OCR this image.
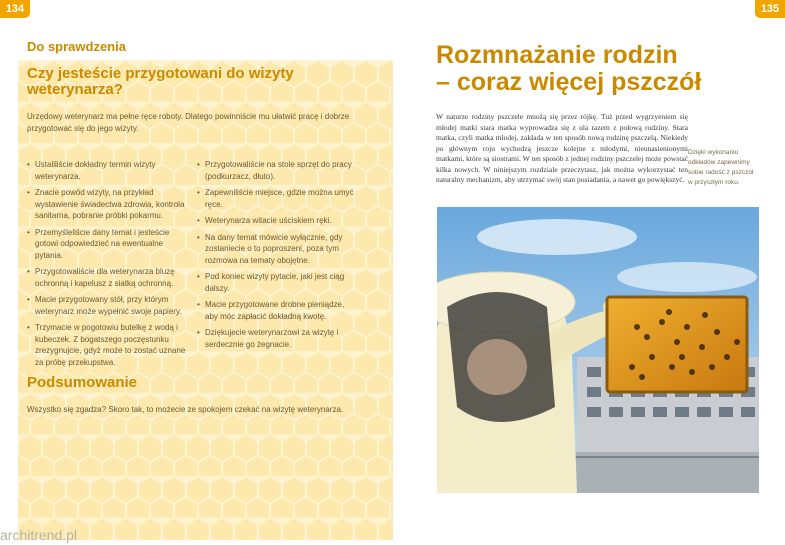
134
Do sprawdzenia
Czy jesteście przygotowani do wizyty weterynarza?

Urzędowy weterynarz ma pełne ręce roboty. Dlatego powinniście mu ułatwić pracę i dobrze przygotować się do jego wizyty.

• Ustaliliście dokładny termin wizyty weterynarza.
• Znacie powód wizyty, na przykład wystawienie świadectwa zdrowia, kontrola sanitarna, pobranie próbki pokarmu.
• Przemyśleliście dany temat i jesteście gotowi odpowiedzieć na ewentualne pytania.
• Przygotowaliście dla weterynarza bluzę ochronną i kapelusz z siatką ochronną.
• Macie przygotowany stół, przy którym weterynarz może wypełnić swoje papiery.
• Trzymacie w pogotowiu butelkę z wodą i kubeczek. Z bogatszego poczęstunku zrezygnujcie, gdyż może to zostać uznane za próbę przekupstwa.
• Przygotowaliście na stole sprzęt do pracy (podkurzacz, dłuto).
• Zapewniliście miejsce, gdzie można umyć ręce.
• Weterynarza witacie uściskiem ręki.
• Na dany temat mówicie wyłącznie, gdy zostaniecie o to poproszeni, poza tym rozmowa na tematy obojętne.
• Pod koniec wizyty pytacie, jaki jest ciąg dalszy.
• Macie przygotowane drobne pieniądze, aby móc zapłacić dokładną kwotę.
• Dziękujecie weterynarzowi za wizytę i serdecznie go żegnacie.
Podsumowanie

Wszystko się zgadza? Skoro tak, to możecie ze spokojem czekać na wizytę weterynarza.

architrend.pl
135
Rozmnażanie rodzin
– coraz więcej pszczół

W naturze rodziny pszczele mnożą się przez rójkę. Tuż przed wygrzyeniem się młodej matki stara matka wyprowadza się z ula razem z połową rodziny. Stara matka, czyli matka młodej, zakłada w ten sposób nową rodzinę pszczelą. Niekiedy po głównym roju wychodzą jeszcze kolejne z młodymi, nieunasienionymi matkami, które są siostrami. W ten sposób z jednej rodziny pszczelej może powstać kilka nowych. W niniejszym rozdziale przeczytasz, jak można wykorzystać ten naturalny mechanizm, aby utrzymać swój stan posiadania, a nawet go powiększyć.

Dzięki wykonaniu odkładów zapewnimy sobie radość z pszczół w przyszłym roku.
